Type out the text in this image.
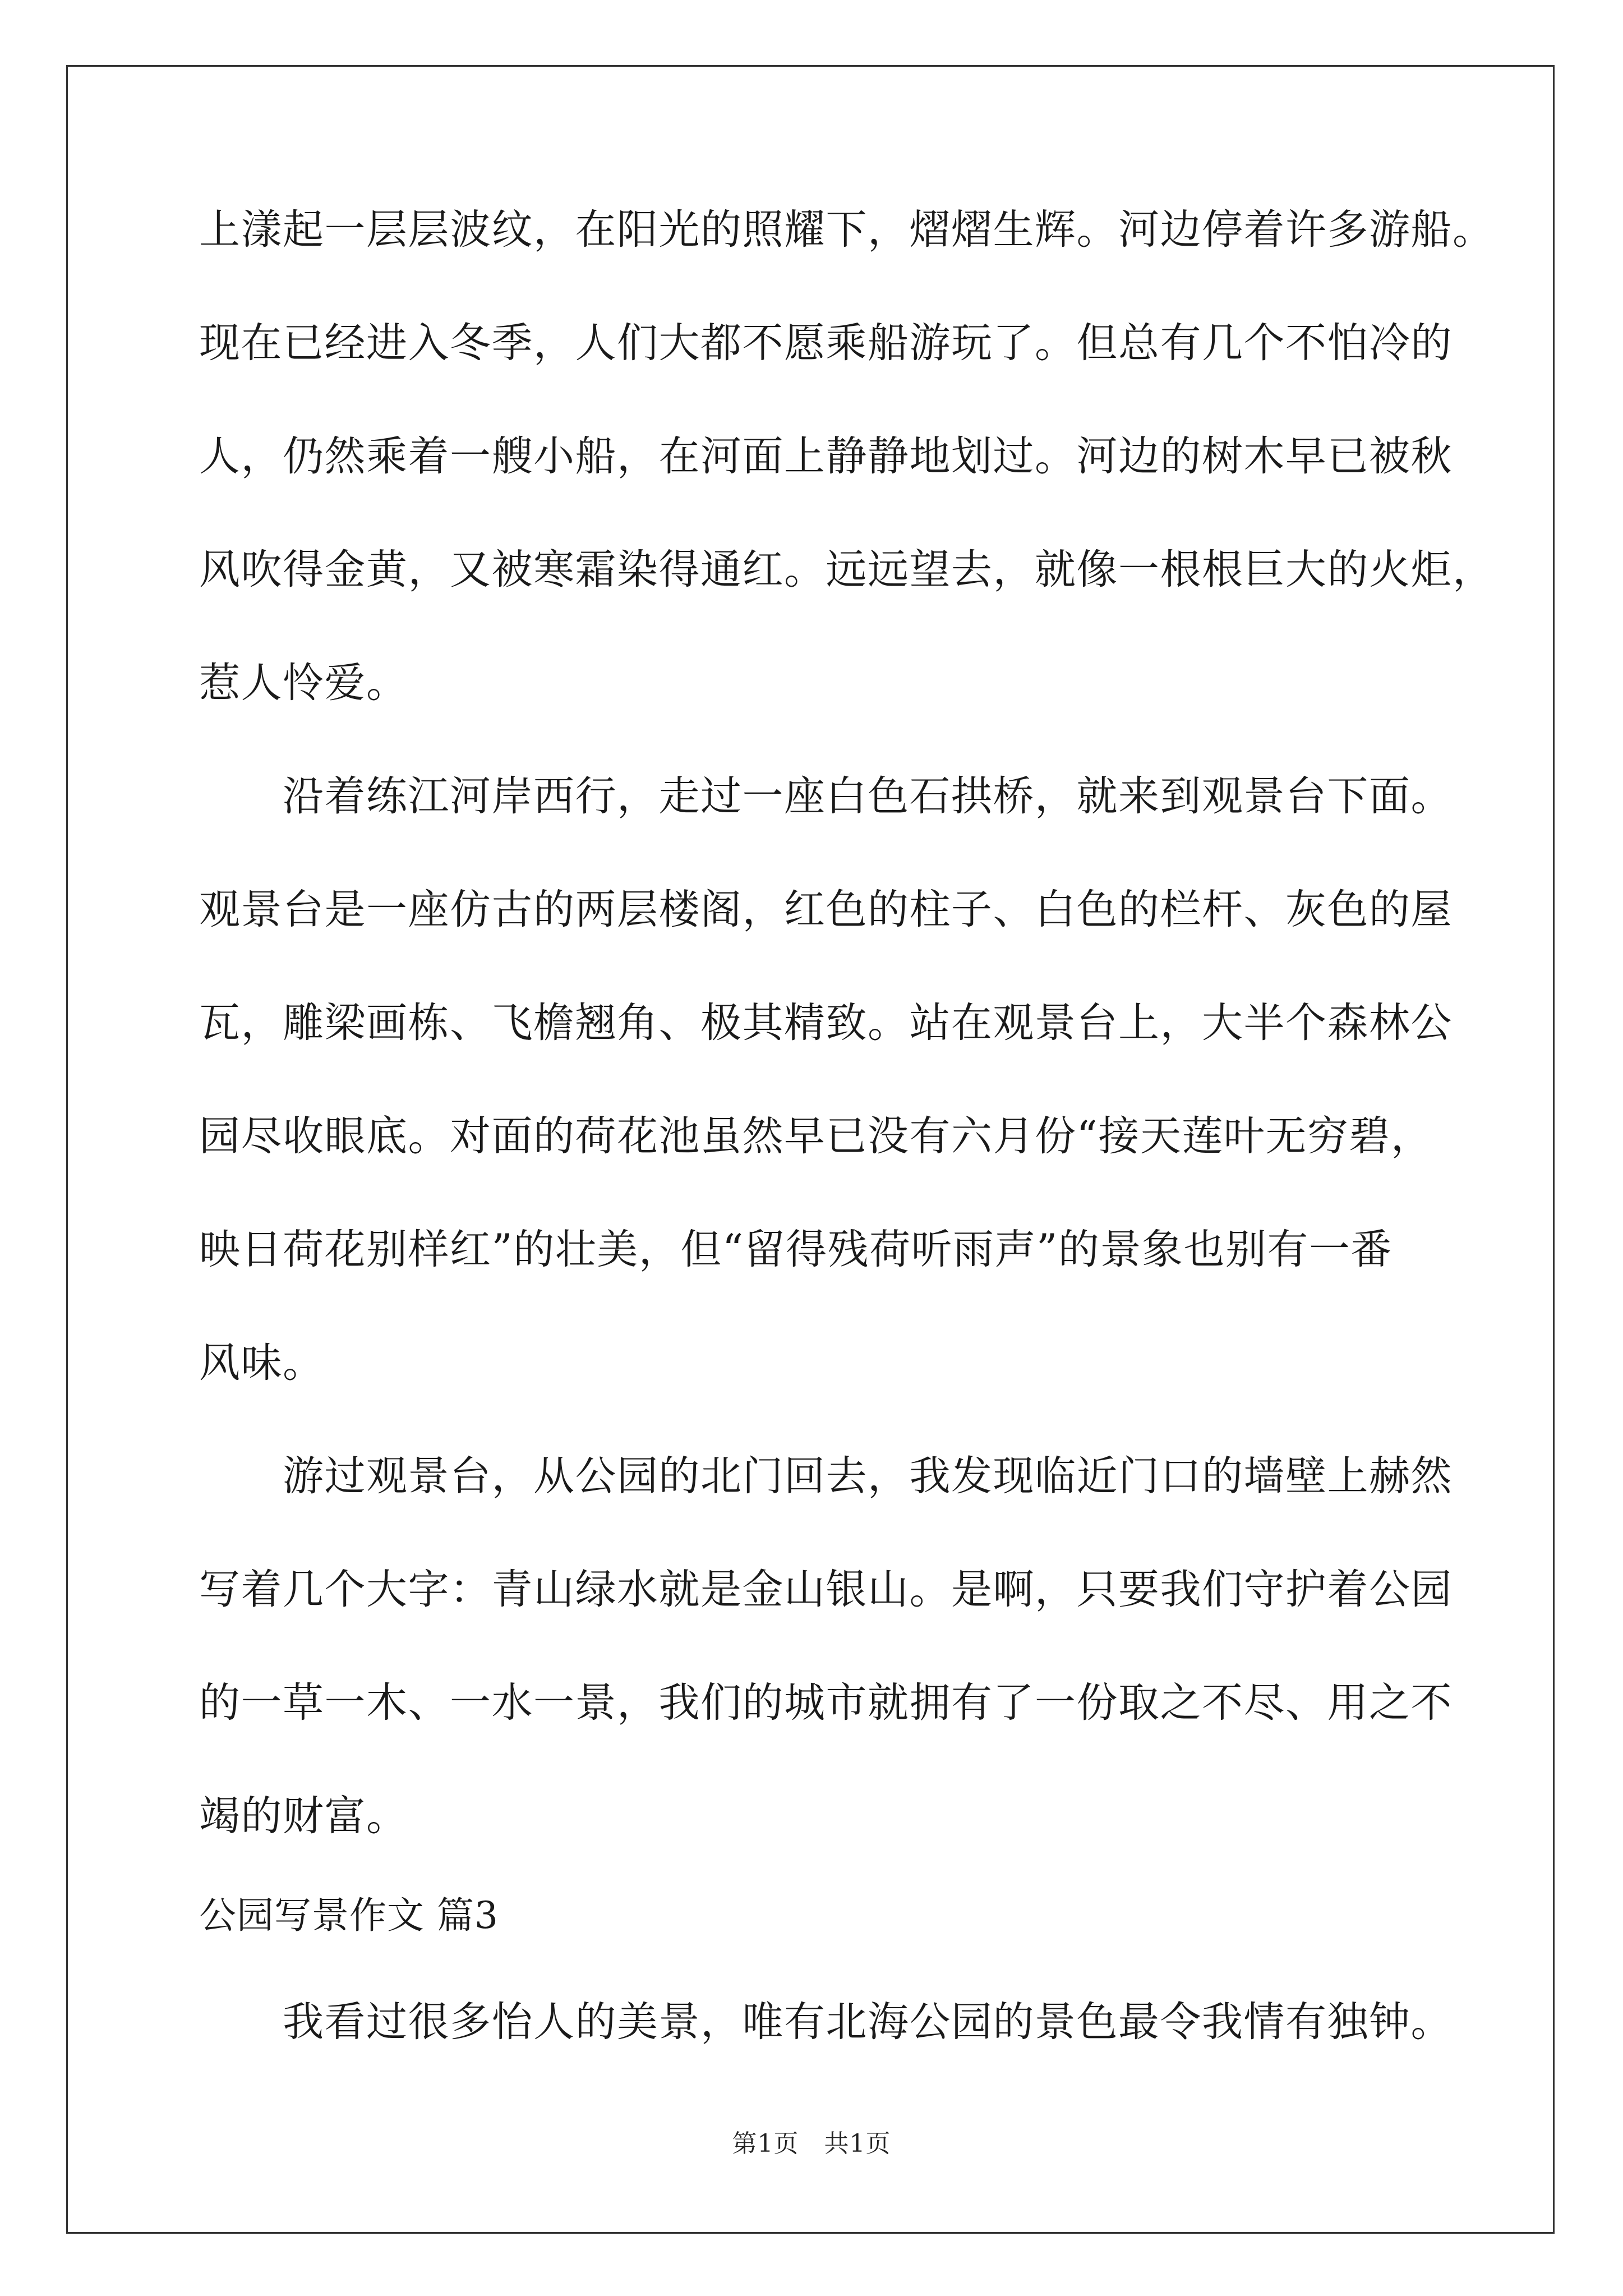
上漾起一层层波纹，在阳光的照耀下，熠熠生辉。河边停着许多游船。
现在已经进入冬季，人们大都不愿乘船游玩了。但总有几个不怕冷的
人，仍然乘着一艘小船，在河面上静静地划过。河边的树木早已被秋
风吹得金黄，又被寒霜染得通红。远远望去，就像一根根巨大的火炬，
惹人怜爱。
　　沿着练江河岸西行，走过一座白色石拱桥，就来到观景台下面。
观景台是一座仿古的两层楼阁，红色的柱子、白色的栏杆、灰色的屋
瓦，雕梁画栋、飞檐翘角、极其精致。站在观景台上，大半个森林公
园尽收眼底。对面的荷花池虽然早已没有六月份“接天莲叶无穷碧，
映日荷花别样红”的壮美，但“留得残荷听雨声”的景象也别有一番
风味。
　　游过观景台，从公园的北门回去，我发现临近门口的墙壁上赫然
写着几个大字：青山绿水就是金山银山。是啊，只要我们守护着公园
的一草一木、一水一景，我们的城市就拥有了一份取之不尽、用之不
竭的财富。
公园写景作文 篇3
　　我看过很多怡人的美景，唯有北海公园的景色最令我情有独钟。
第1页　共1页
